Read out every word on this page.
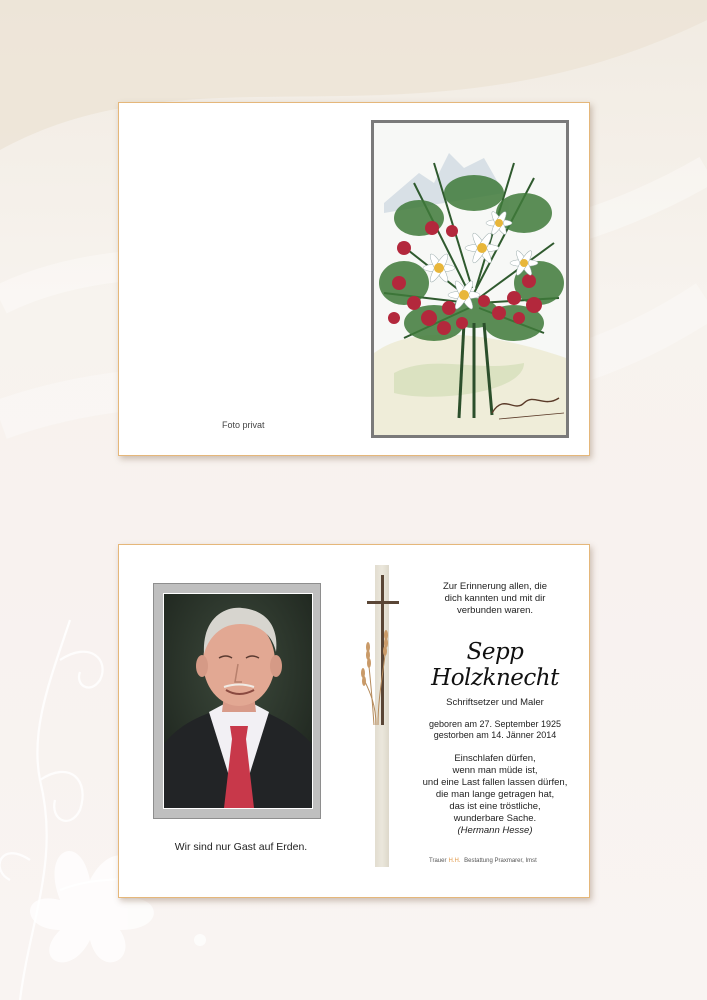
Foto privat
Wir sind nur Gast auf Erden.

Zur Erinnerung allen, die
dich kannten und mit dir
verbunden waren.

Sepp Holzknecht

Schriftsetzer und Maler

geboren am 27. September 1925
gestorben am 14. Jänner 2014
Einschlafen dürfen,
wenn man müde ist,
und eine Last fallen lassen dürfen,
die man lange getragen hat,
das ist eine tröstliche,
wunderbare Sache.
(Hermann Hesse)
Trauer H.H. Bestattung Praxmarer, Imst
